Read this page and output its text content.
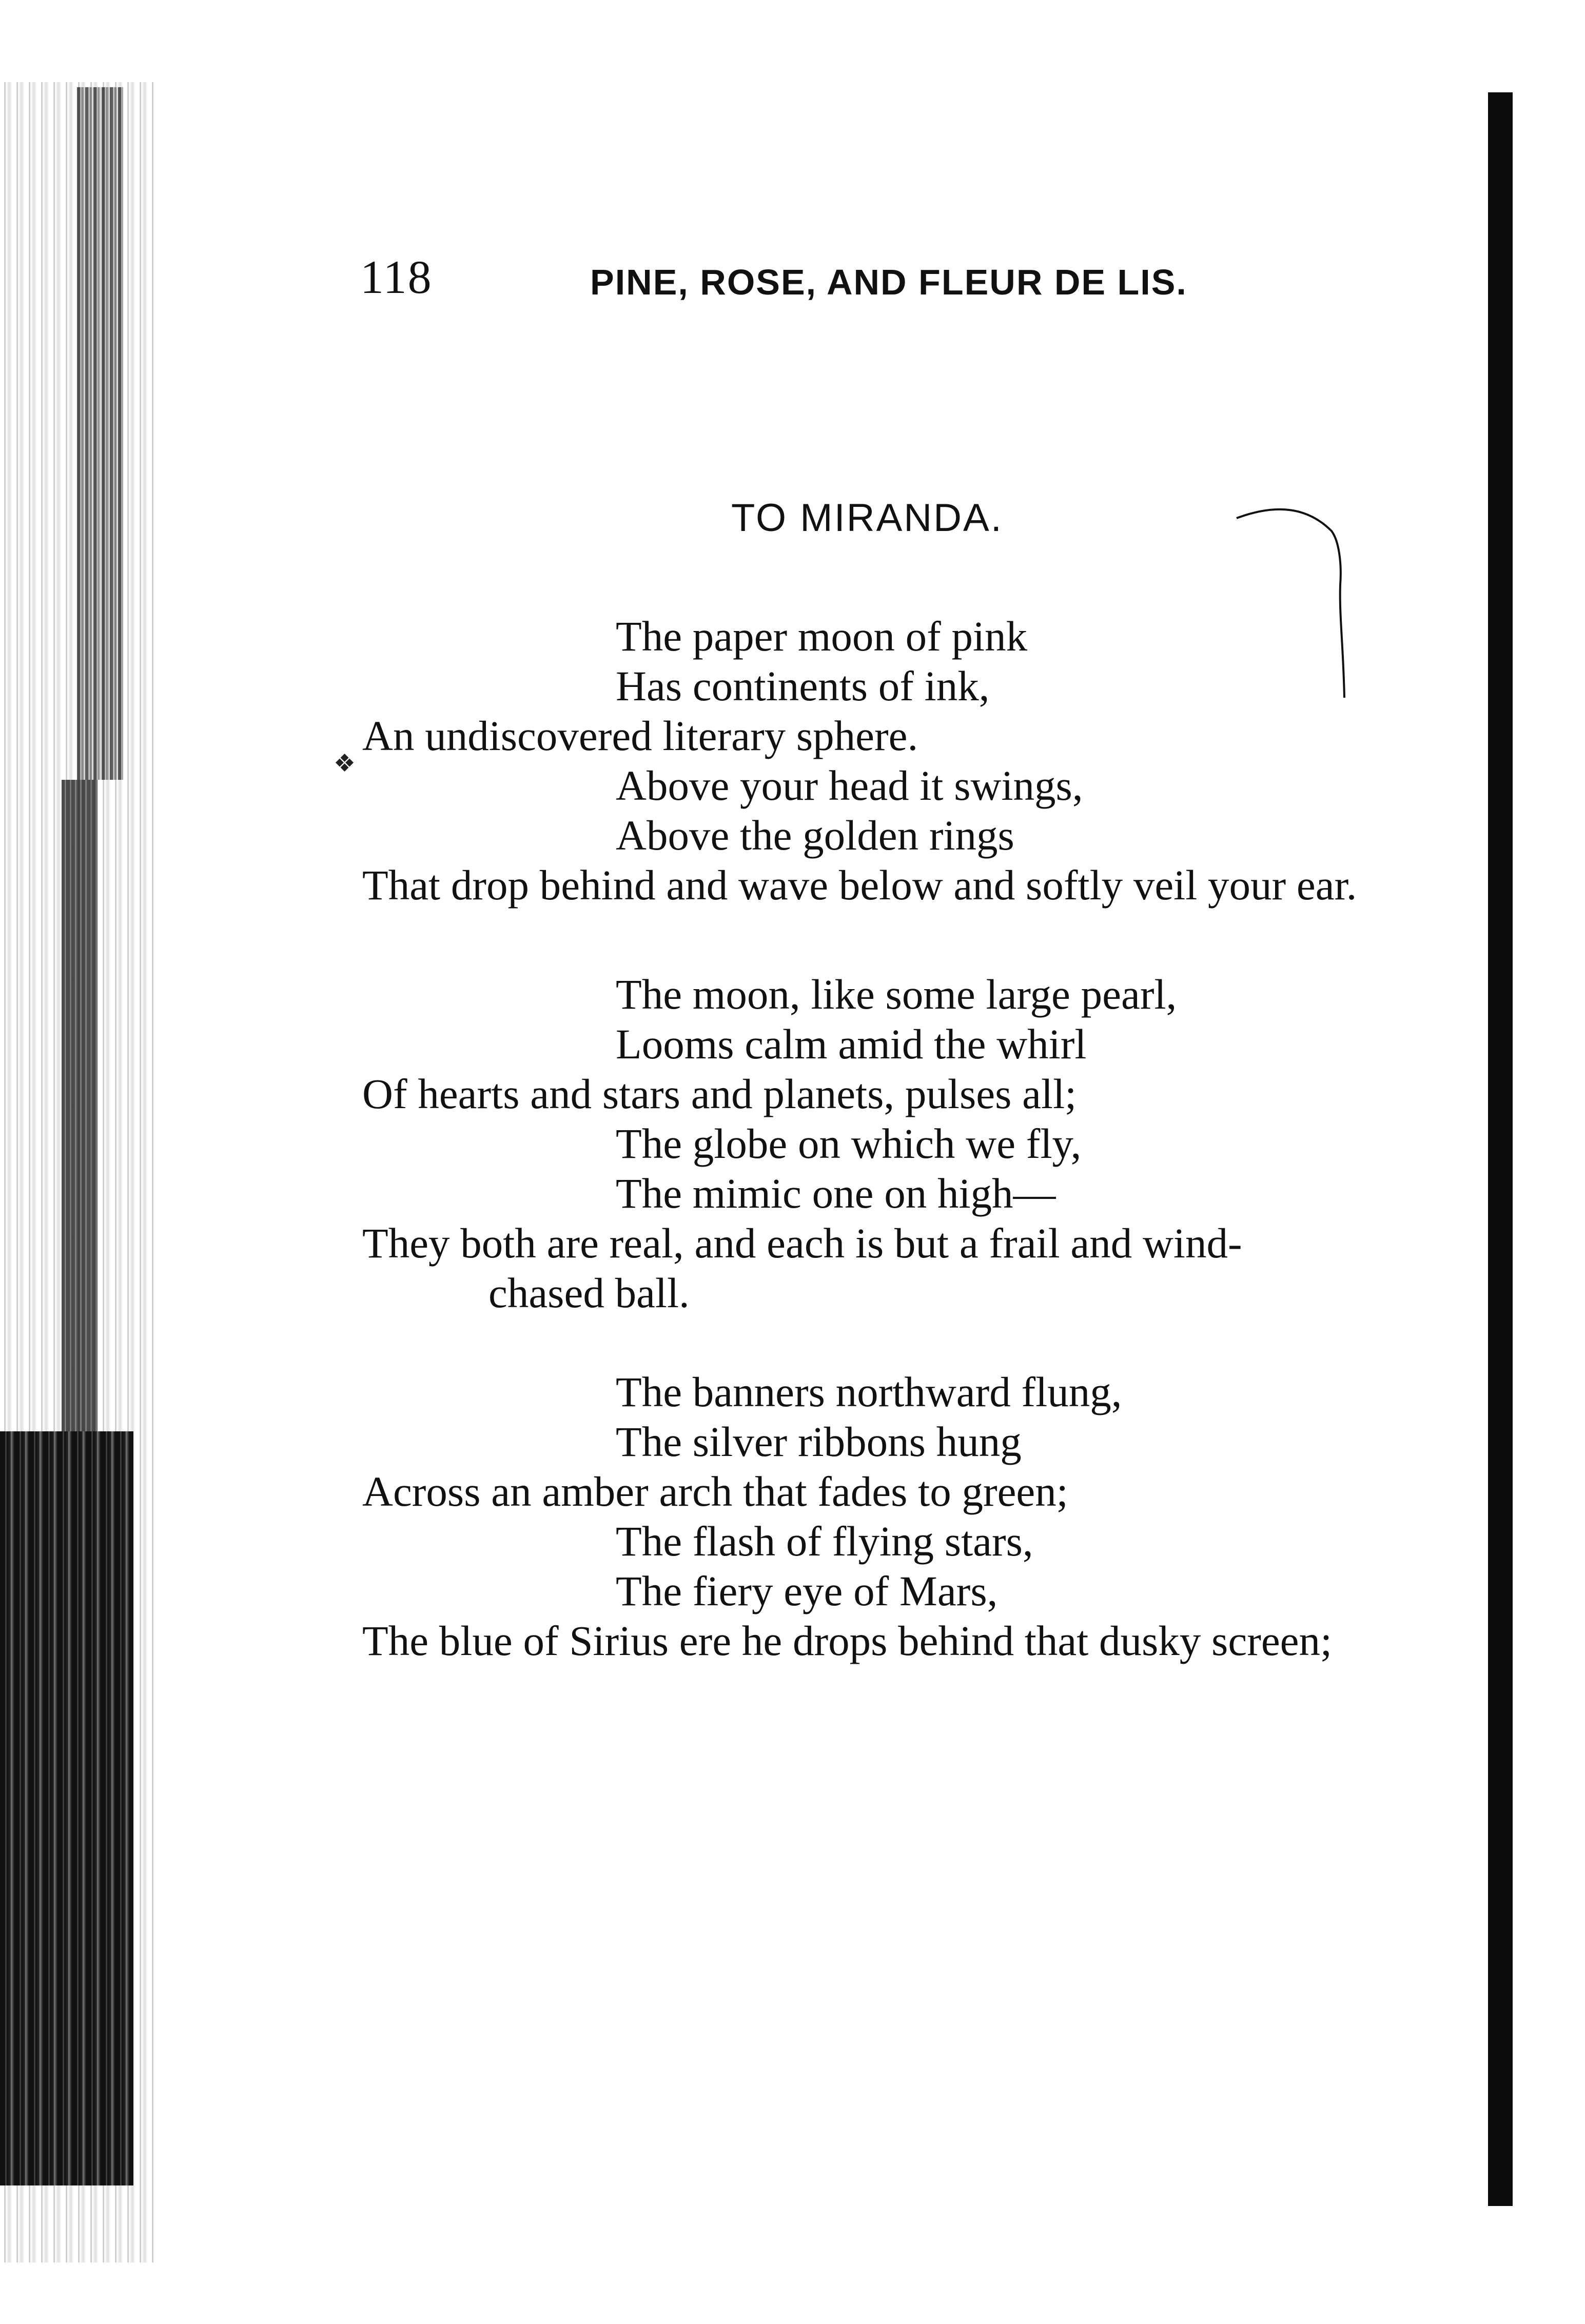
118	PINE, ROSE, AND FLEUR DE LIS.
TO MIRANDA.
❖
The paper moon of pink
Has continents of ink,
An undiscovered literary sphere.
Above your head it swings,
Above the golden rings
That drop behind and wave below and softly veil your ear.
The moon, like some large pearl,
Looms calm amid the whirl
Of hearts and stars and planets, pulses all;
The globe on which we fly,
The mimic one on high—
They both are real, and each is but a frail and wind-
chased ball.
The banners northward flung,
The silver ribbons hung
Across an amber arch that fades to green;
The flash of flying stars,
The fiery eye of Mars,
The blue of Sirius ere he drops behind that dusky screen;
